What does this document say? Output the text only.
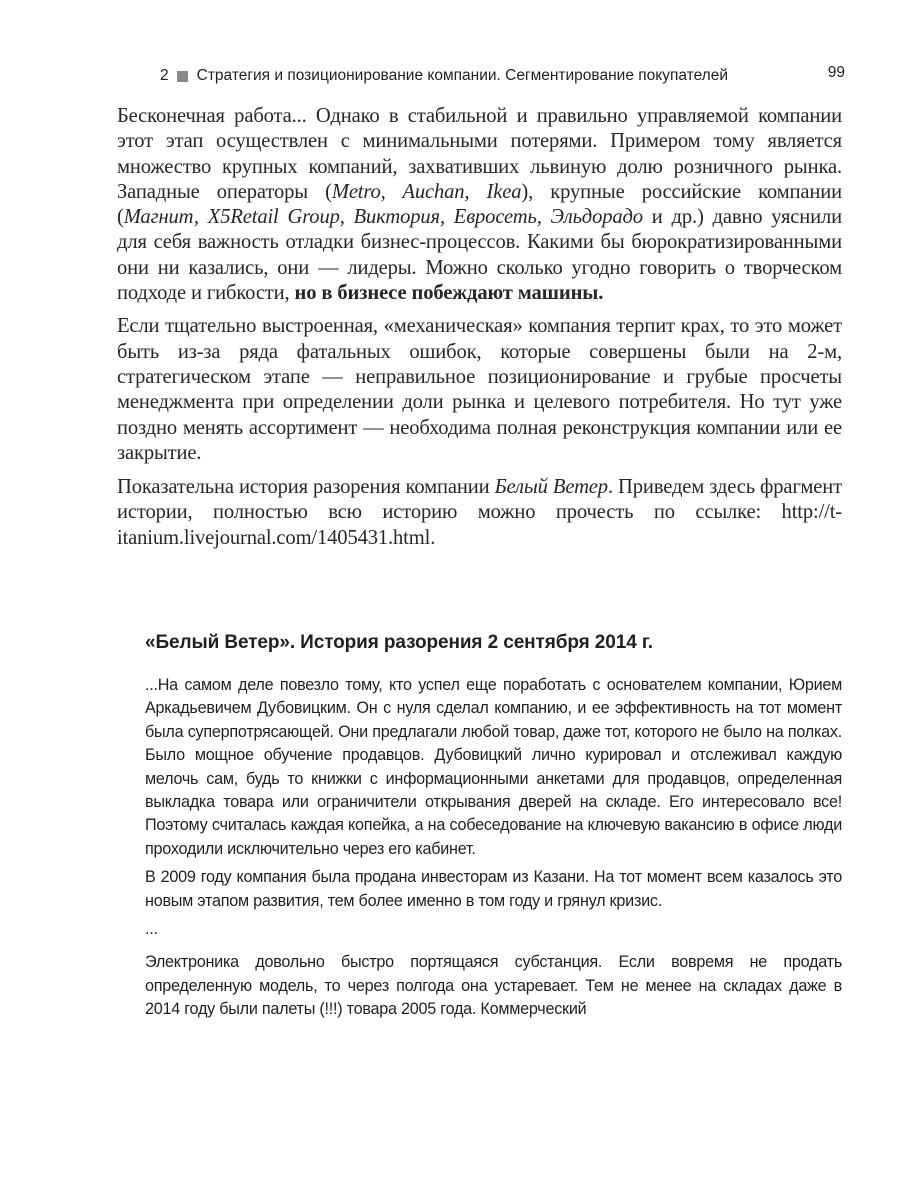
2 Стратегия и позиционирование компании. Сегментирование покупателей	99

Бесконечная работа... Однако в стабильной и правильно управляемой компании этот этап осуществлен с минимальными потерями. Примером тому является множество крупных компаний, захвативших львиную долю розничного рынка. Западные операторы (Metro, Auchan, Ikea), крупные российские компании (Магнит, X5Retail Group, Виктория, Евросеть, Эльдорадо и др.) давно уяснили для себя важность отладки бизнес-процессов. Какими бы бюрократизированными они ни казались, они — лидеры. Можно сколько угодно говорить о творческом подходе и гибкости, но в бизнесе побеждают машины.

Если тщательно выстроенная, «механическая» компания терпит крах, то это может быть из-за ряда фатальных ошибок, которые совершены были на 2-м, стратегическом этапе — неправильное позиционирование и грубые просчеты менеджмента при определении доли рынка и целевого потребителя. Но тут уже поздно менять ассортимент — необходима полная реконструкция компании или ее закрытие.

Показательна история разорения компании Белый Ветер. Приведем здесь фрагмент истории, полностью всю историю можно прочесть по ссылке: http://t-itanium.livejournal.com/1405431.html.

«Белый Ветер». История разорения 2 сентября 2014 г.

...На самом деле повезло тому, кто успел еще поработать с основателем компании, Юрием Аркадьевичем Дубовицким. Он с нуля сделал компанию, и ее эффективность на тот момент была суперпотрясающей. Они предлагали любой товар, даже тот, которого не было на полках. Было мощное обучение продавцов. Дубовицкий лично курировал и отслеживал каждую мелочь сам, будь то книжки с информационными анкетами для продавцов, определенная выкладка товара или ограничители открывания дверей на складе. Его интересовало все! Поэтому считалась каждая копейка, а на собеседование на ключевую вакансию в офисе люди проходили исключительно через его кабинет.

В 2009 году компания была продана инвесторам из Казани. На тот момент всем казалось это новым этапом развития, тем более именно в том году и грянул кризис.

...

Электроника довольно быстро портящаяся субстанция. Если вовремя не продать определенную модель, то через полгода она устаревает. Тем не менее на складах даже в 2014 году были палеты (!!!) товара 2005 года. Коммерческий
